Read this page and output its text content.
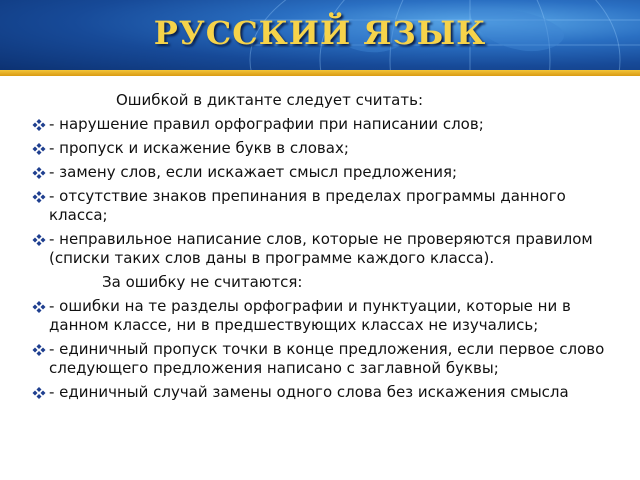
РУССКИЙ ЯЗЫК
Ошибкой в диктанте следует считать:
- нарушение правил орфографии при написании слов;
- пропуск и искажение букв в словах;
- замену слов, если искажает смысл предложения;
- отсутствие знаков препинания в пределах программы данного класса;
- неправильное написание слов, которые не проверяются правилом (списки таких слов даны в программе каждого класса).
За ошибку не считаются:
- ошибки на те разделы орфографии и пунктуации, которые ни в данном классе, ни в предшествующих классах не изучались;
- единичный пропуск точки в конце предложения, если первое слово следующего предложения написано с заглавной буквы;
- единичный случай замены одного слова без искажения смысла
